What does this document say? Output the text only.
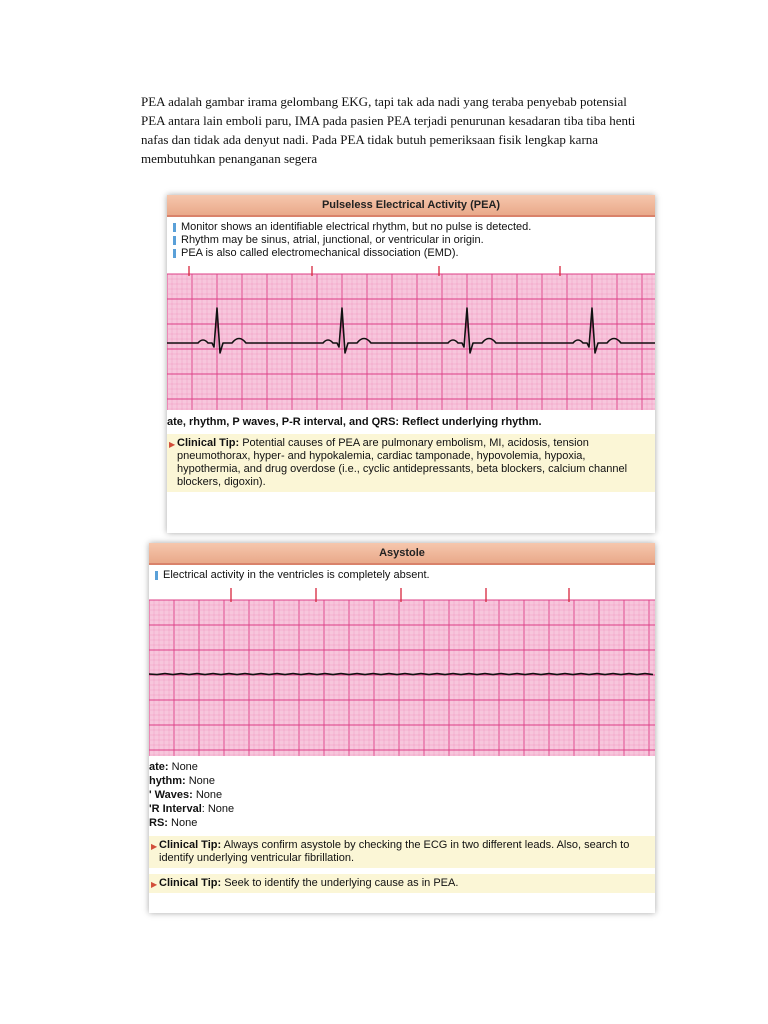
PEA adalah gambar irama gelombang EKG, tapi tak ada nadi yang teraba penyebab potensial PEA antara lain emboli paru, IMA pada pasien PEA terjadi penurunan kesadaran tiba tiba henti nafas dan tidak ada denyut nadi. Pada PEA tidak butuh pemeriksaan fisik lengkap karna membutuhkan penanganan segera

Pulseless Electrical Activity (PEA)
Monitor shows an identifiable electrical rhythm, but no pulse is detected.
Rhythm may be sinus, atrial, junctional, or ventricular in origin.
PEA is also called electromechanical dissociation (EMD).
ate, rhythm, P waves, P-R interval, and QRS: Reflect underlying rhythm.
▶ Clinical Tip: Potential causes of PEA are pulmonary embolism, MI, acidosis, tension pneumothorax, hyper- and hypokalemia, cardiac tamponade, hypovolemia, hypoxia, hypothermia, and drug overdose (i.e., cyclic antidepressants, beta blockers, calcium channel blockers, digoxin).
Asystole
Electrical activity in the ventricles is completely absent.
ate: None
hythm: None
' Waves: None
'R Interval: None
RS: None
▶ Clinical Tip: Always confirm asystole by checking the ECG in two different leads. Also, search to identify underlying ventricular fibrillation.
▶ Clinical Tip: Seek to identify the underlying cause as in PEA.
